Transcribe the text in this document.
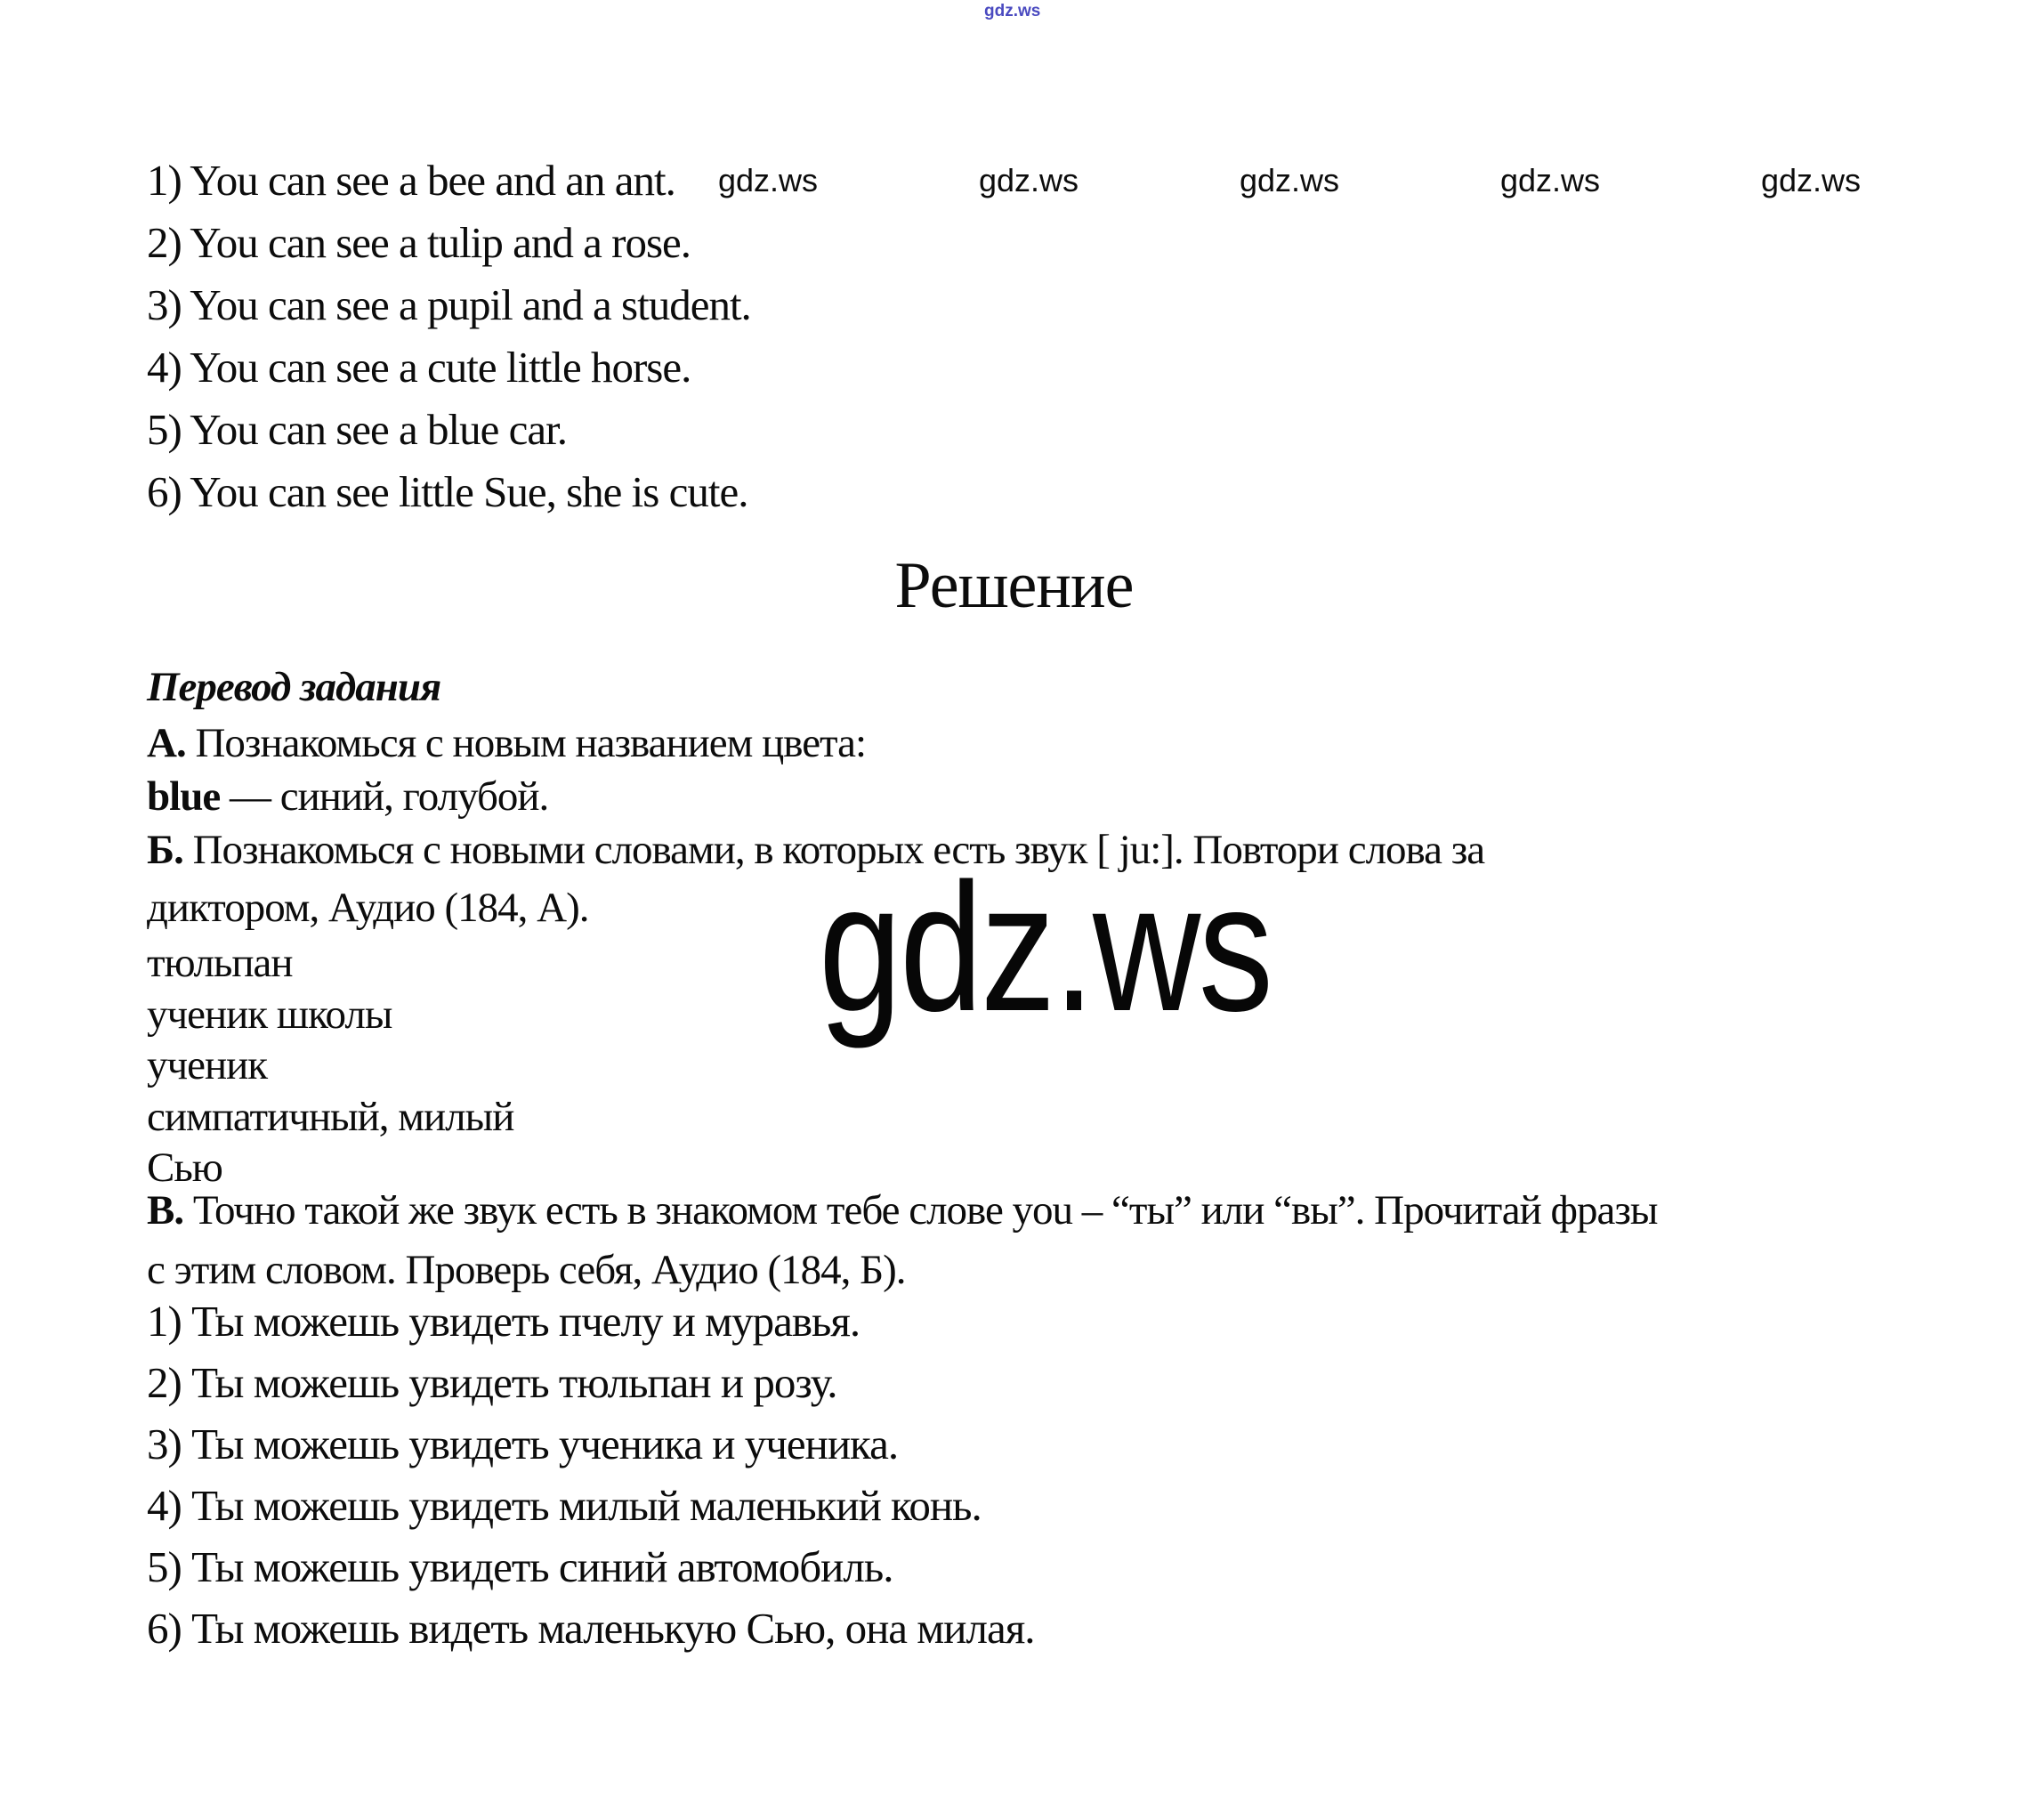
gdz.ws
gdz.ws	gdz.ws	gdz.ws	gdz.ws	gdz.ws
1) You can see a bee and an ant.
2) You can see a tulip and a rose.
3) You can see a pupil and a student.
4) You can see a cute little horse.
5) You can see a blue car.
6) You can see little Sue, she is cute.
Решение
Перевод задания
А. Познакомься с новым названием цвета:
blue — синий, голубой.
Б. Познакомься с новыми словами, в которых есть звук [ ju:]. Повтори слова за
диктором, Аудио (184, А). gdz.ws
тюльпан
ученик школы
ученик
симпатичный, милый
Сью
В. Точно такой же звук есть в знакомом тебе слове you – “ты” или “вы”. Прочитай фразы
с этим словом. Проверь себя, Аудио (184, Б).
1) Ты можешь увидеть пчелу и муравья.
2) Ты можешь увидеть тюльпан и розу.
3) Ты можешь увидеть ученика и ученика.
4) Ты можешь увидеть милый маленький конь.
5) Ты можешь увидеть синий автомобиль.
6) Ты можешь видеть маленькую Сью, она милая.
